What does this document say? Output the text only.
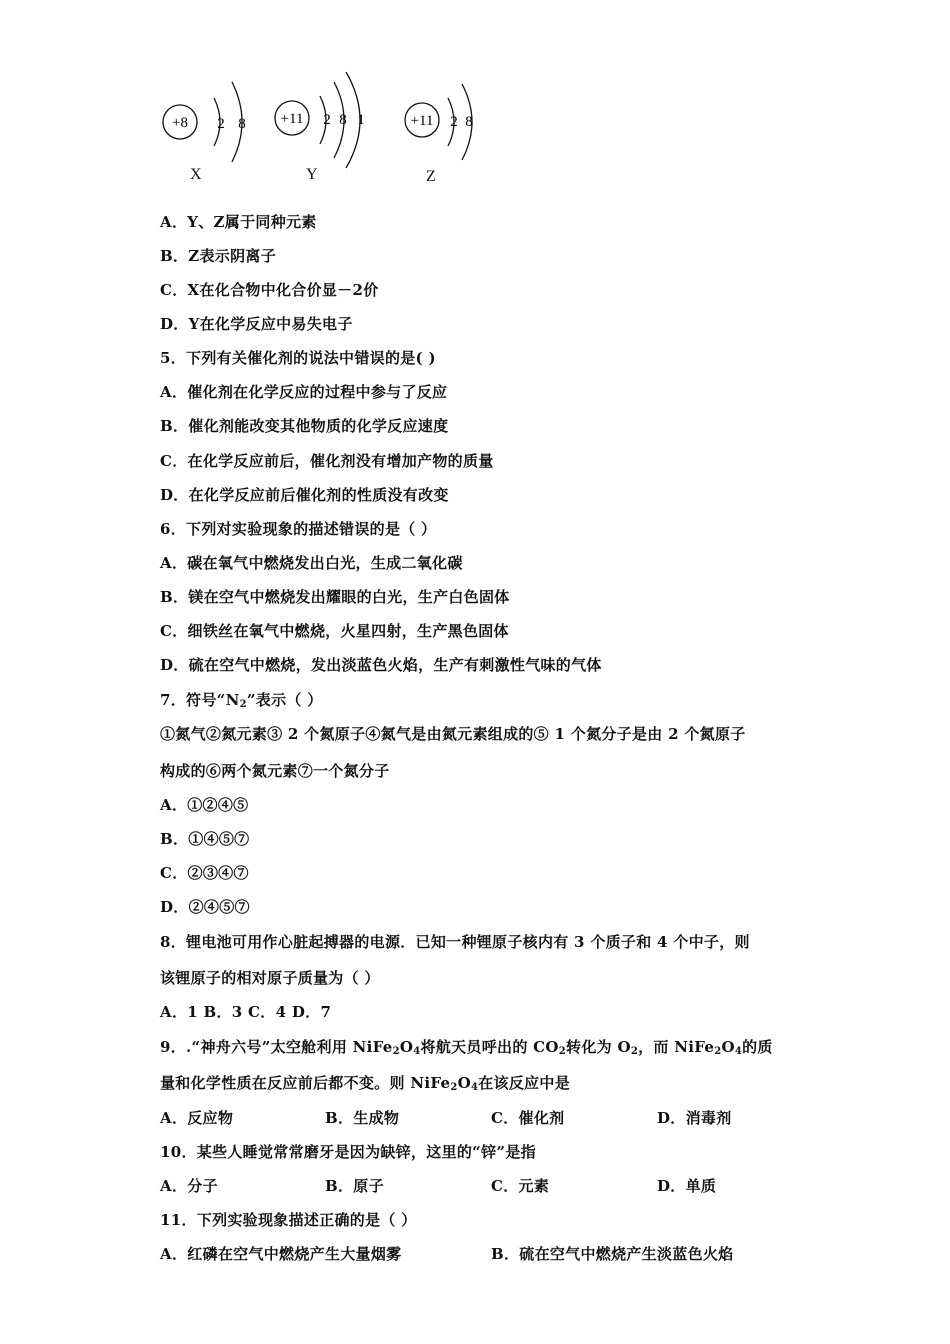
+8 2 8
X
+11 2 8 1
Y
+11 2 8
Z
A．Y、Z属于同种元素
B．Z表示阴离子
C．X在化合物中化合价显－2价
D．Y在化学反应中易失电子
5．下列有关催化剂的说法中错误的是( )
A．催化剂在化学反应的过程中参与了反应
B．催化剂能改变其他物质的化学反应速度
C．在化学反应前后，催化剂没有增加产物的质量
D．在化学反应前后催化剂的性质没有改变
6．下列对实验现象的描述错误的是（ ）
A．碳在氧气中燃烧发出白光，生成二氧化碳
B．镁在空气中燃烧发出耀眼的白光，生产白色固体
C．细铁丝在氧气中燃烧，火星四射，生产黑色固体
D．硫在空气中燃烧，发出淡蓝色火焰，生产有刺激性气味的气体
7．符号“$N_2$”表示（ ）
①氮气②氮元素③ 2 个氮原子④氮气是由氮元素组成的⑤ 1 个氮分子是由 2 个氮原子
构成的⑥两个氮元素⑦一个氮分子
A．①②④⑤
B．①④⑤⑦
C．②③④⑦
D．②④⑤⑦
8．锂电池可用作心脏起搏器的电源．已知一种锂原子核内有 3 个质子和 4 个中子，则
该锂原子的相对原子质量为（ ）
A．1 B．3 C．4 D．7
9．.“神舟六号”太空舱利用 $NiFe_2O_4$将航天员呼出的 $CO_2$转化为 $O_2$，而 $NiFe_2O_4$的质
量和化学性质在反应前后都不变。则 $NiFe_2O_4$在该反应中是
A．反应物	B．生成物	C．催化剂	D．消毒剂
10．某些人睡觉常常磨牙是因为缺锌，这里的“锌”是指
A．分子	B．原子	C．元素	D．单质
11．下列实验现象描述正确的是（ ）
A．红磷在空气中燃烧产生大量烟雾	B．硫在空气中燃烧产生淡蓝色火焰
